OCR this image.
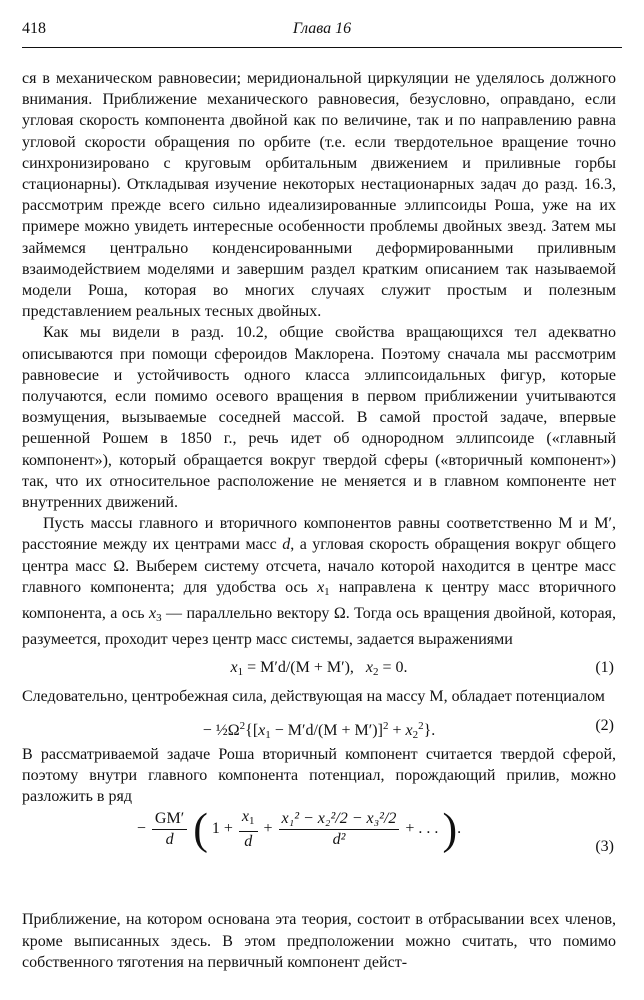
418	Глава 16

ся в механическом равновесии; меридиональной циркуляции не уделялось должного внимания. Приближение механического равновесия, безусловно, оправдано, если угловая скорость компонента двойной как по величине, так и по направлению равна угловой скорости обращения по орбите (т.е. если твердотельное вращение точно синхронизировано с круговым орбитальным движением и приливные горбы стационарны). Откладывая изучение некоторых нестационарных задач до разд. 16.3, рассмотрим прежде всего сильно идеализированные эллипсоиды Роша, уже на их примере можно увидеть интересные особенности проблемы двойных звезд. Затем мы займемся центрально конденсированными деформированными приливным взаимодействием моделями и завершим раздел кратким описанием так называемой модели Роша, которая во многих случаях служит простым и полезным представлением реальных тесных двойных.

Как мы видели в разд. 10.2, общие свойства вращающихся тел адекватно описываются при помощи сфероидов Маклорена. Поэтому сначала мы рассмотрим равновесие и устойчивость одного класса эллипсоидальных фигур, которые получаются, если помимо осевого вращения в первом приближении учитываются возмущения, вызываемые соседней массой. В самой простой задаче, впервые решенной Рошем в 1850 г., речь идет об однородном эллипсоиде («главный компонент»), который обращается вокруг твердой сферы («вторичный компонент») так, что их относительное расположение не меняется и в главном компоненте нет внутренних движений.

Пусть массы главного и вторичного компонентов равны соответственно M и M′, расстояние между их центрами масс d, а угловая скорость обращения вокруг общего центра масс Ω. Выберем систему отсчета, начало которой находится в центре масс главного компонента; для удобства ось $x_1$ направлена к центру масс вторичного компонента, а ось $x_3$ — параллельно вектору Ω. Тогда ось вращения двойной, которая, разумеется, проходит через центр масс системы, задается выражениями

$x_1 = M'd/(M + M')$,   $x_2 = 0$.	(1)

Следовательно, центробежная сила, действующая на массу M, обладает потенциалом

− $\frac{1}{2}\Omega^2\{[x_1 - M'd/(M + M')]^2 + x_2^2\}$.	(2)

В рассматриваемой задаче Роша вторичный компонент считается твердой сферой, поэтому внутри главного компонента потенциал, порождающий прилив, можно разложить в ряд

− $\frac{GM'}{d}$ ( $1 + \frac{x_1}{d} + \frac{\text{x₁² − x₂²/2 − x₃²/2}}{\text{d²}}$ + . . . ).
(3)

Приближение, на котором основана эта теория, состоит в отбрасывании всех членов, кроме выписанных здесь. В этом предположении можно считать, что помимо собственного тяготения на первичный компонент дейст-
